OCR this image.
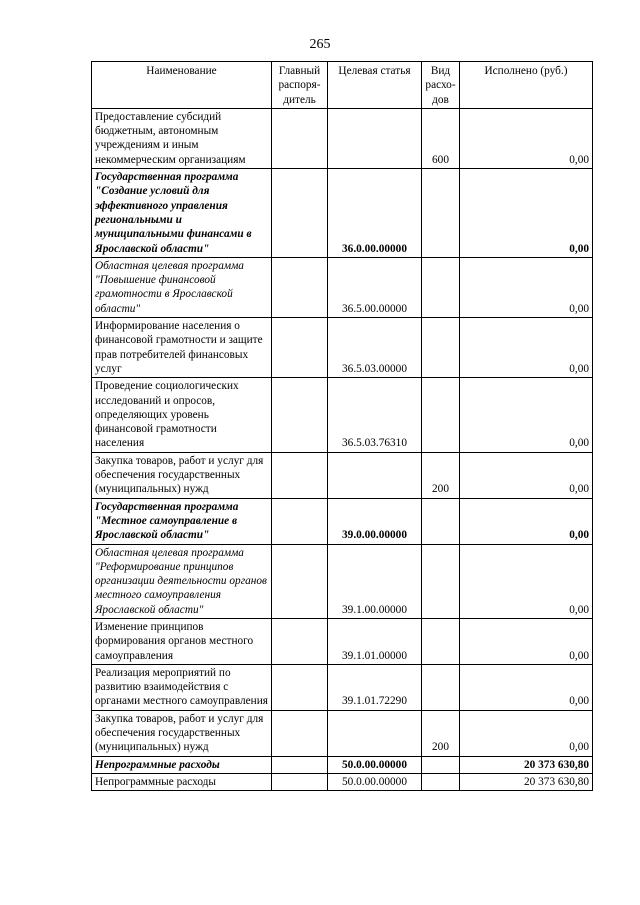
265
Наименование	Главный распоря-дитель	Целевая статья	Вид расхо-дов	Исполнено (руб.)
Предоставление субсидий бюджетным, автономным учреждениям и иным некоммерческим организациям			600	0,00
Государственная программа "Создание условий для эффективного управления региональными и муниципальными финансами в Ярославской области"		36.0.00.00000		0,00
Областная целевая программа "Повышение финансовой грамотности в Ярославской области"		36.5.00.00000		0,00
Информирование населения о финансовой грамотности и защите прав потребителей финансовых услуг		36.5.03.00000		0,00
Проведение социологических исследований и опросов, определяющих уровень финансовой грамотности населения		36.5.03.76310		0,00
Закупка товаров, работ и услуг для обеспечения государственных (муниципальных) нужд			200	0,00
Государственная программа "Местное самоуправление в Ярославской области"		39.0.00.00000		0,00
Областная целевая программа "Реформирование принципов организации деятельности органов местного самоуправления Ярославской области"		39.1.00.00000		0,00
Изменение принципов формирования органов местного самоуправления		39.1.01.00000		0,00
Реализация мероприятий по развитию взаимодействия с органами местного самоуправления		39.1.01.72290		0,00
Закупка товаров, работ и услуг для обеспечения государственных (муниципальных) нужд			200	0,00
Непрограммные расходы		50.0.00.00000		20 373 630,80
Непрограммные расходы		50.0.00.00000		20 373 630,80
